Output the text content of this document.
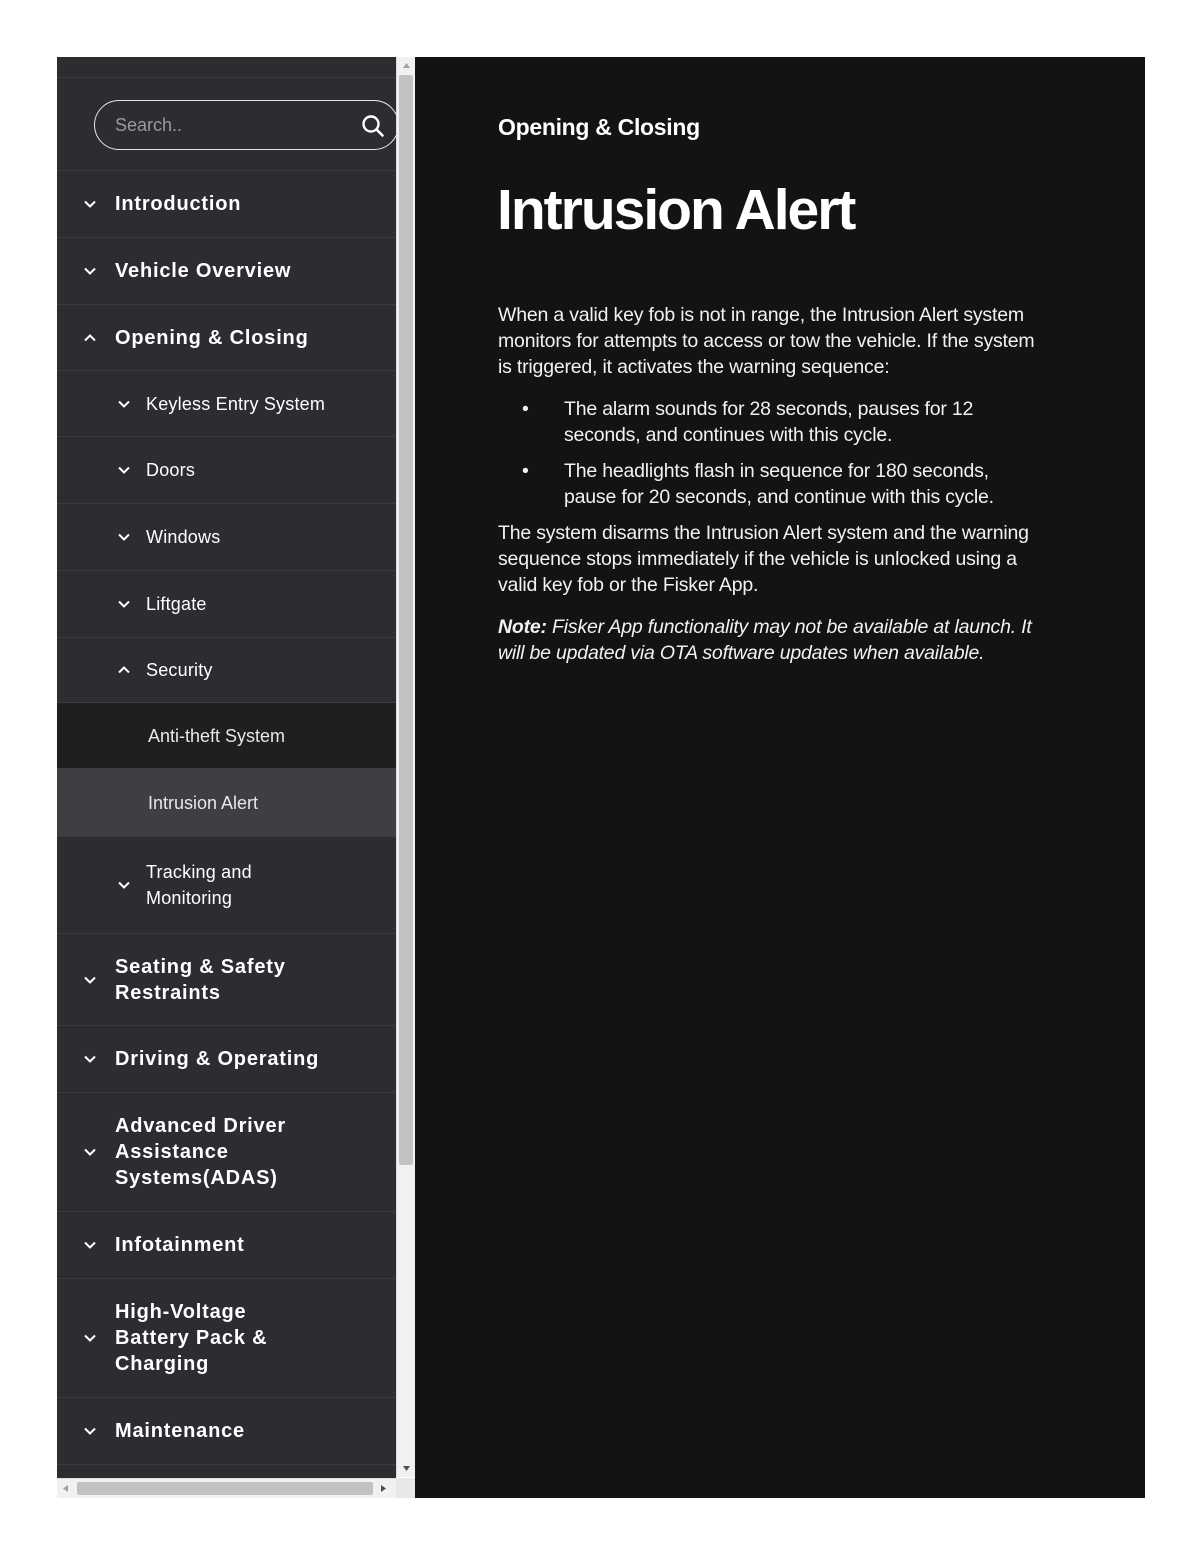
Search..
Introduction
Vehicle Overview
Opening & Closing
Keyless Entry System
Doors
Windows
Liftgate
Security
Anti-theft System
Intrusion Alert
Tracking and
Monitoring
Seating & Safety
Restraints
Driving & Operating
Advanced Driver
Assistance
Systems(ADAS)
Infotainment
High-Voltage
Battery Pack &
Charging
Maintenance
Opening & Closing
Intrusion Alert

When a valid key fob is not in range, the Intrusion Alert system
monitors for attempts to access or tow the vehicle. If the system
is triggered, it activates the warning sequence:

• The alarm sounds for 28 seconds, pauses for 12
seconds, and continues with this cycle.
• The headlights flash in sequence for 180 seconds,
pause for 20 seconds, and continue with this cycle.

The system disarms the Intrusion Alert system and the warning
sequence stops immediately if the vehicle is unlocked using a
valid key fob or the Fisker App.

Note: Fisker App functionality may not be available at launch. It
will be updated via OTA software updates when available.
